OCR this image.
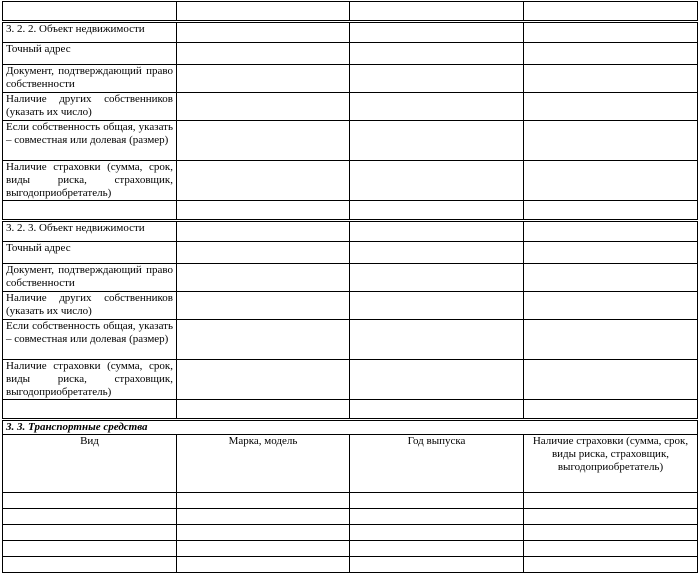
3. 2. 2. Объект недвижимости			
Точный адрес			
Документ, подтверждающий право собственности			
Наличие других собственников (указать их число)			
Если собственность общая, указать – совместная или долевая (размер)			
Наличие страховки (сумма, срок, виды риска, страховщик, выгодоприобретатель)			

3. 2. 3. Объект недвижимости			
Точный адрес			
Документ, подтверждающий право собственности			
Наличие других собственников (указать их число)			
Если собственность общая, указать – совместная или долевая (размер)			
Наличие страховки (сумма, срок, виды риска, страховщик, выгодоприобретатель)			

3. 3. Транспортные средства			
Вид	Марка, модель	Год выпуска	Наличие страховки (сумма, срок, виды риска, страховщик, выгодоприобретатель)
